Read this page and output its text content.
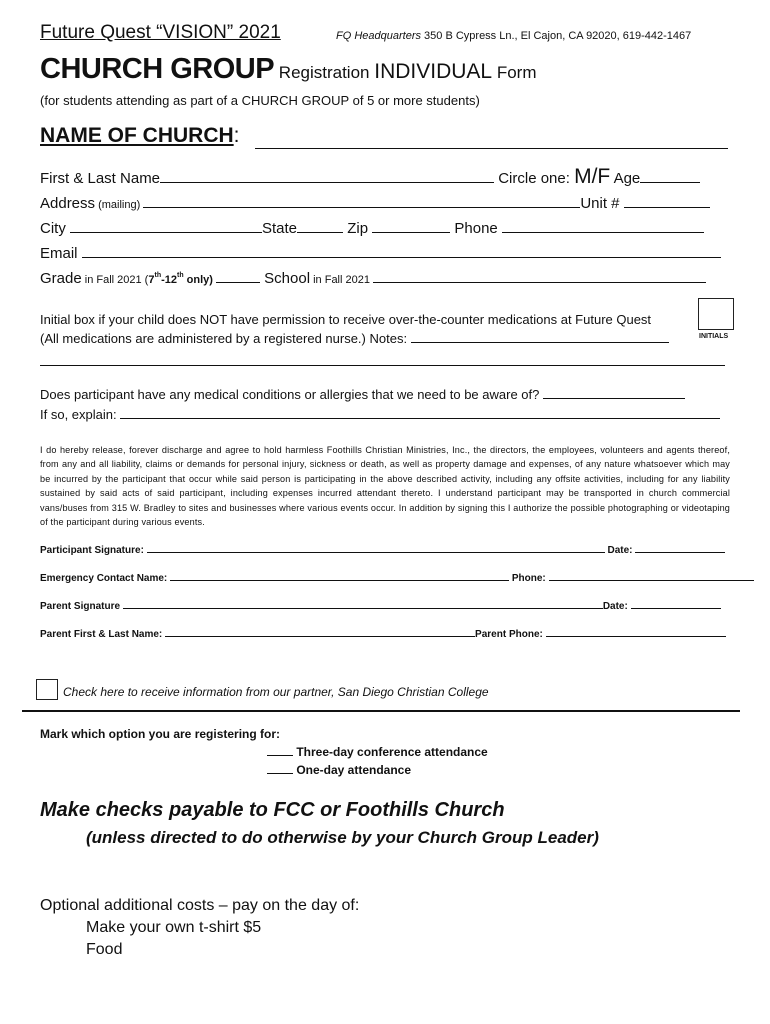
Future Quest “VISION” 2021	FQ Headquarters 350 B Cypress Ln., El Cajon, CA 92020, 619-442-1467
CHURCH GROUP Registration INDIVIDUAL Form
(for students attending as part of a CHURCH GROUP of 5 or more students)
NAME OF CHURCH:
First & Last Name	Circle one: M/F Age
Address (mailing)	Unit #
City	State	Zip	Phone
Email
Grade in Fall 2021 (7th-12th only)	School in Fall 2021
Initial box if your child does NOT have permission to receive over-the-counter medications at Future Quest
INITIALS
(All medications are administered by a registered nurse.) Notes:
Does participant have any medical conditions or allergies that we need to be aware of?
If so, explain:
I do hereby release, forever discharge and agree to hold harmless Foothills Christian Ministries, Inc., the directors, the employees, volunteers and agents thereof, from any and all liability, claims or demands for personal injury, sickness or death, as well as property damage and expenses, of any nature whatsoever which may be incurred by the participant that occur while said person is participating in the above described activity, including any offsite activities, including for any liability sustained by said acts of said participant, including expenses incurred attendant thereto. I understand participant may be transported in church commercial vans/buses from 315 W. Bradley to sites and businesses where various events occur. In addition by signing this I authorize the possible photographing or videotaping of the participant during various events.
Participant Signature:	Date:
Emergency Contact Name:	Phone:
Parent Signature	Date:
Parent First & Last Name:	Parent Phone:
Check here to receive information from our partner, San Diego Christian College
Mark which option you are registering for:
Three-day conference attendance
One-day attendance
Make checks payable to FCC or Foothills Church
(unless directed to do otherwise by your Church Group Leader)
Optional additional costs – pay on the day of:
Make your own t-shirt $5
Food
